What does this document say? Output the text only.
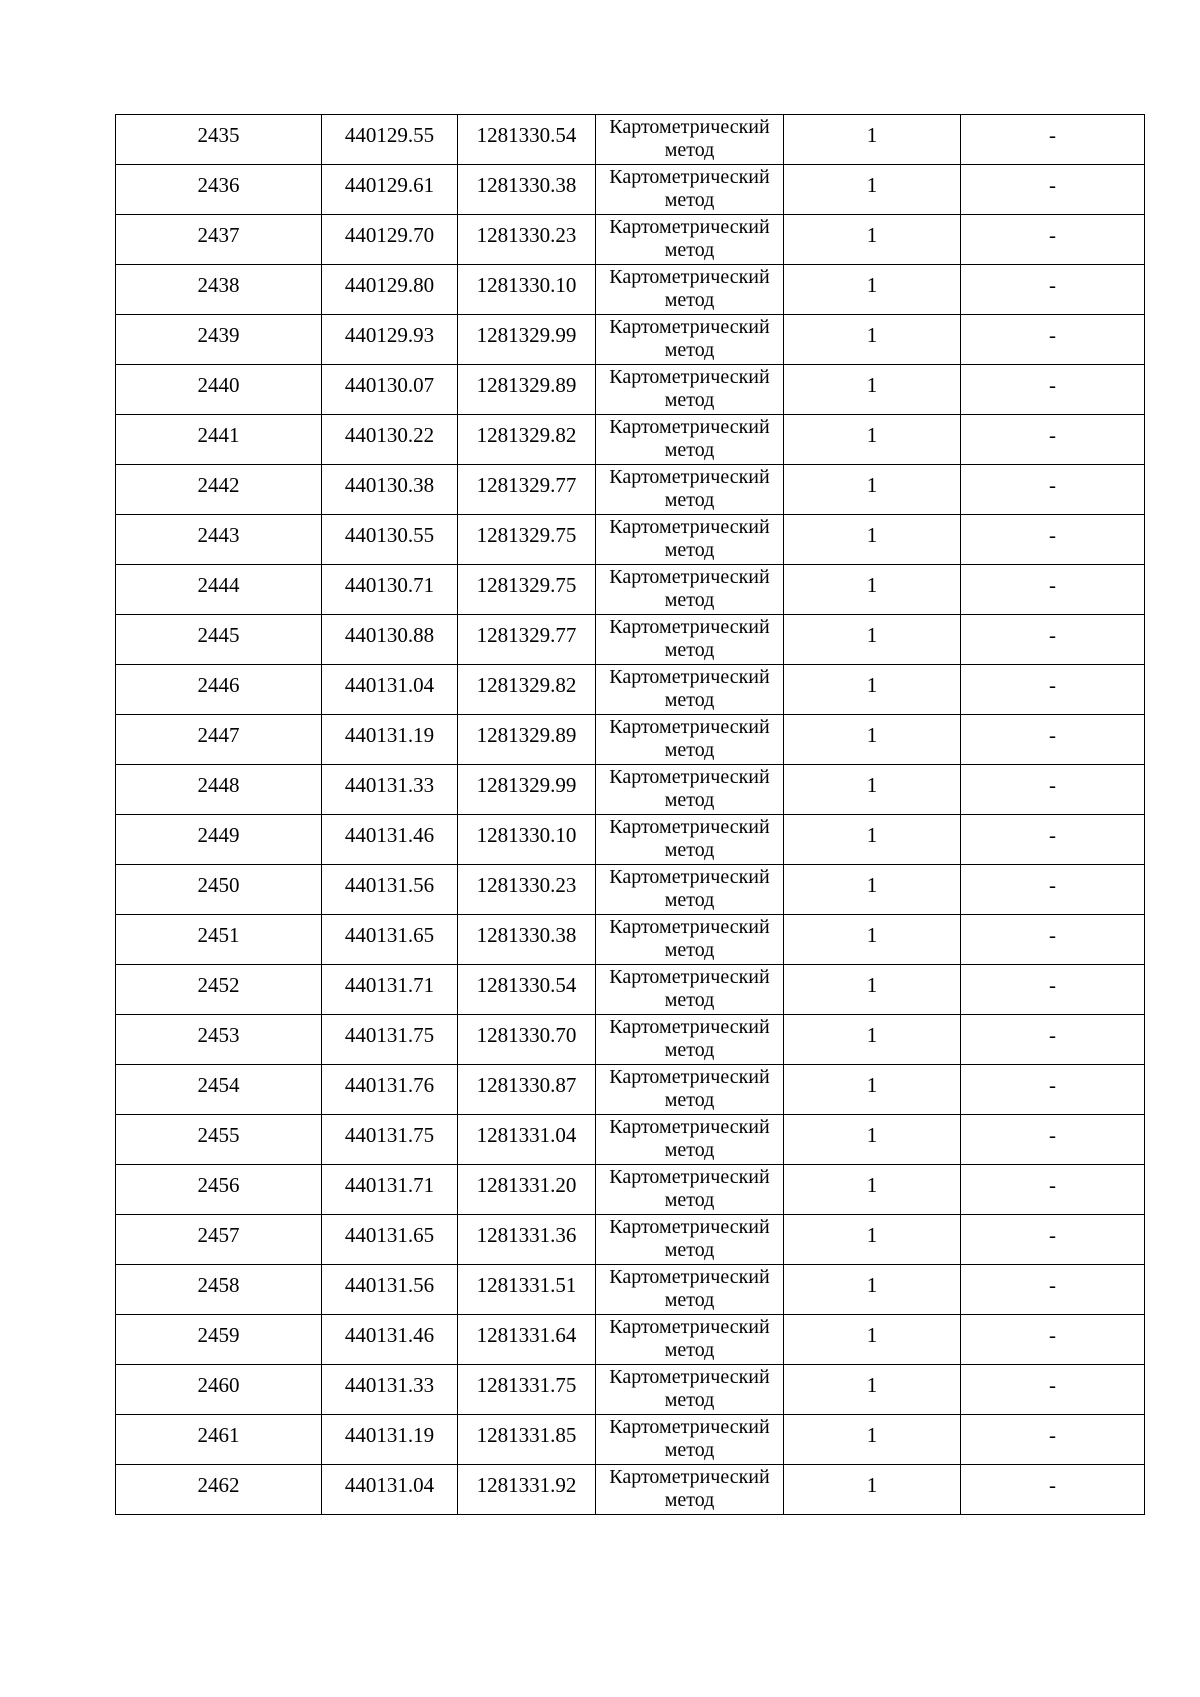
2435	440129.55	1281330.54	Картометрический метод	1	-
2436	440129.61	1281330.38	Картометрический метод	1	-
2437	440129.70	1281330.23	Картометрический метод	1	-
2438	440129.80	1281330.10	Картометрический метод	1	-
2439	440129.93	1281329.99	Картометрический метод	1	-
2440	440130.07	1281329.89	Картометрический метод	1	-
2441	440130.22	1281329.82	Картометрический метод	1	-
2442	440130.38	1281329.77	Картометрический метод	1	-
2443	440130.55	1281329.75	Картометрический метод	1	-
2444	440130.71	1281329.75	Картометрический метод	1	-
2445	440130.88	1281329.77	Картометрический метод	1	-
2446	440131.04	1281329.82	Картометрический метод	1	-
2447	440131.19	1281329.89	Картометрический метод	1	-
2448	440131.33	1281329.99	Картометрический метод	1	-
2449	440131.46	1281330.10	Картометрический метод	1	-
2450	440131.56	1281330.23	Картометрический метод	1	-
2451	440131.65	1281330.38	Картометрический метод	1	-
2452	440131.71	1281330.54	Картометрический метод	1	-
2453	440131.75	1281330.70	Картометрический метод	1	-
2454	440131.76	1281330.87	Картометрический метод	1	-
2455	440131.75	1281331.04	Картометрический метод	1	-
2456	440131.71	1281331.20	Картометрический метод	1	-
2457	440131.65	1281331.36	Картометрический метод	1	-
2458	440131.56	1281331.51	Картометрический метод	1	-
2459	440131.46	1281331.64	Картометрический метод	1	-
2460	440131.33	1281331.75	Картометрический метод	1	-
2461	440131.19	1281331.85	Картометрический метод	1	-
2462	440131.04	1281331.92	Картометрический метод	1	-
